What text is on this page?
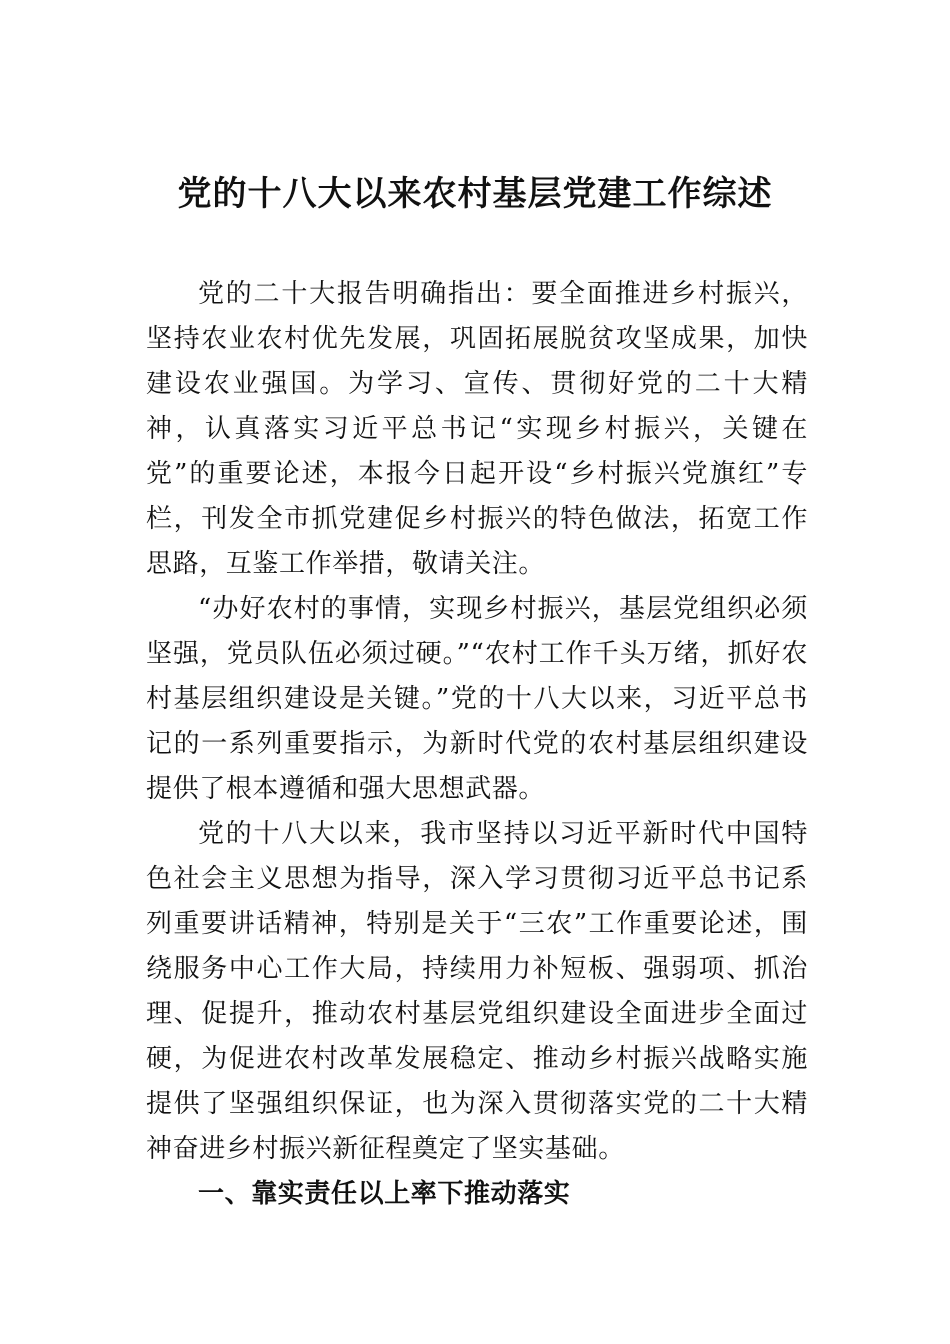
党的十八大以来农村基层党建工作综述

党的二十大报告明确指出：要全面推进乡村振兴，坚持农业农村优先发展，巩固拓展脱贫攻坚成果，加快建设农业强国。为学习、宣传、贯彻好党的二十大精神，认真落实习近平总书记“实现乡村振兴，关键在党”的重要论述，本报今日起开设“乡村振兴党旗红”专栏，刊发全市抓党建促乡村振兴的特色做法，拓宽工作思路，互鉴工作举措，敬请关注。

“办好农村的事情，实现乡村振兴，基层党组织必须坚强，党员队伍必须过硬。”“农村工作千头万绪，抓好农村基层组织建设是关键。”党的十八大以来，习近平总书记的一系列重要指示，为新时代党的农村基层组织建设提供了根本遵循和强大思想武器。

党的十八大以来，我市坚持以习近平新时代中国特色社会主义思想为指导，深入学习贯彻习近平总书记系列重要讲话精神，特别是关于“三农”工作重要论述，围绕服务中心工作大局，持续用力补短板、强弱项、抓治理、促提升，推动农村基层党组织建设全面进步全面过硬，为促进农村改革发展稳定、推动乡村振兴战略实施提供了坚强组织保证，也为深入贯彻落实党的二十大精神奋进乡村振兴新征程奠定了坚实基础。

一、靠实责任以上率下推动落实
